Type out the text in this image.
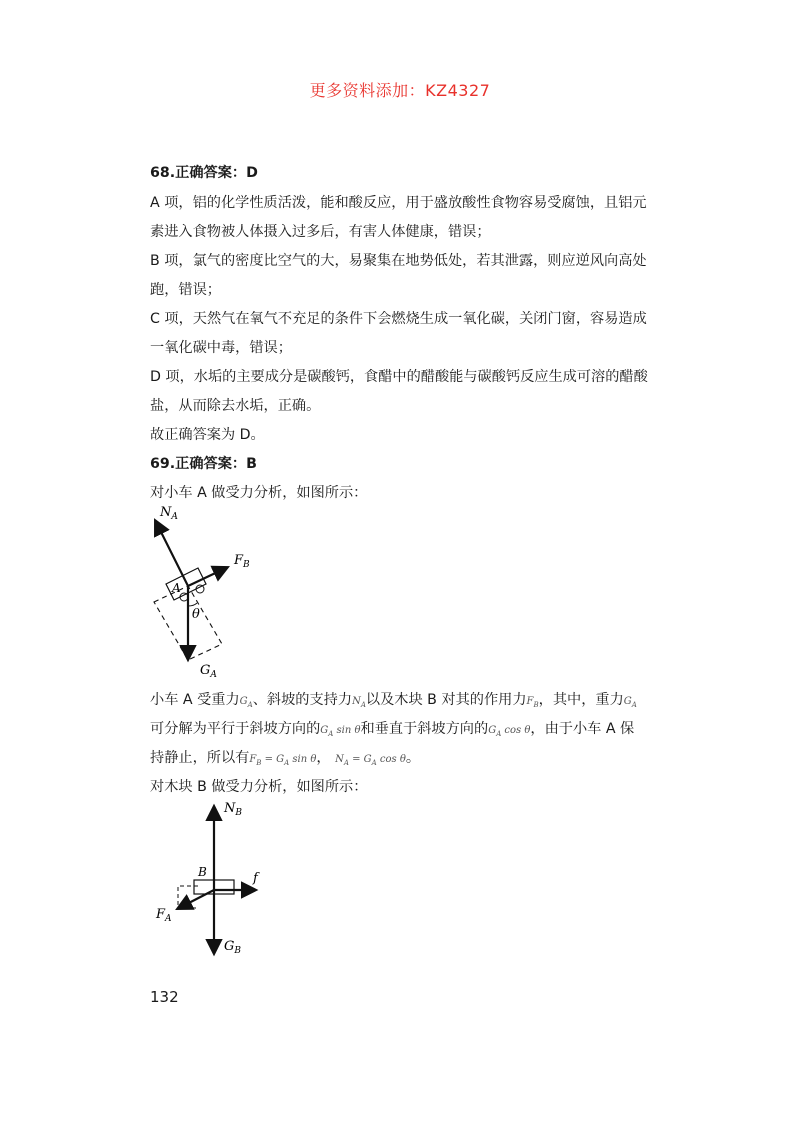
更多资料添加：KZ4327
68.正确答案：D
A 项，铝的化学性质活泼，能和酸反应，用于盛放酸性食物容易受腐蚀，且铝元
素进入食物被人体摄入过多后，有害人体健康，错误；
B 项，氯气的密度比空气的大，易聚集在地势低处，若其泄露，则应逆风向高处
跑，错误；
C 项，天然气在氧气不充足的条件下会燃烧生成一氧化碳，关闭门窗，容易造成
一氧化碳中毒，错误；
D 项，水垢的主要成分是碳酸钙，食醋中的醋酸能与碳酸钙反应生成可溶的醋酸
盐，从而除去水垢，正确。
故正确答案为 D。
69.正确答案：B
对小车 A 做受力分析，如图所示：
$N_A$
$F_B$
A
θ
$G_A$
小车 A 受重力$G_A$、斜坡的支持力$N_A$以及木块 B 对其的作用力$F_B$，其中，重力$G_A$
可分解为平行于斜坡方向的$G_A$ sin θ和垂直于斜坡方向的$G_A$ cos θ，由于小车 A 保
持静止，所以有$F_B = G_A$ sin θ， $N_A = G_A$ cos θ。
对木块 B 做受力分析，如图所示：
$N_B$
f
B
$F_A$
$G_B$
132
